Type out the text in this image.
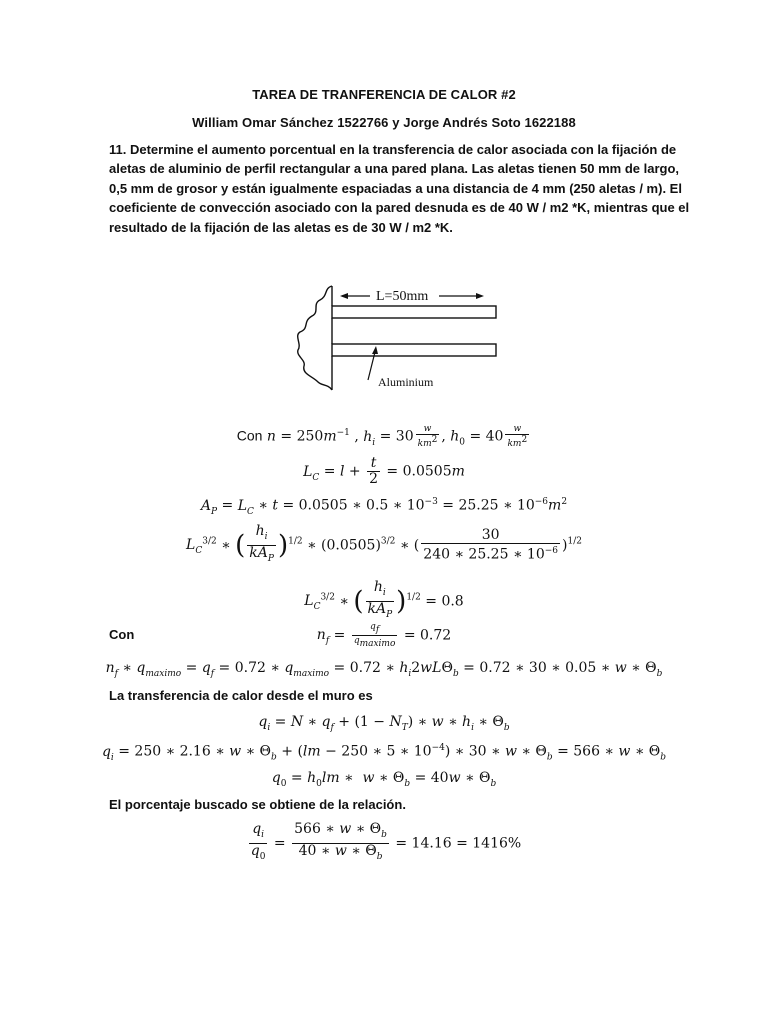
TAREA DE TRANFERENCIA DE CALOR #2
William Omar Sánchez 1522766 y Jorge Andrés Soto 1622188
11. Determine el aumento porcentual en la transferencia de calor asociada con la fijación de
aletas de aluminio de perfil rectangular a una pared plana. Las aletas tienen 50 mm de largo,
0,5 mm de grosor y están igualmente espaciadas a una distancia de 4 mm (250 aletas / m). El
coeficiente de convección asociado con la pared desnuda es de 40 W / m2 *K, mientras que el
resultado de la fijación de las aletas es de 30 W / m2 *K.
L=50mm
Aluminium
Con $n = 250m^{-1}$ , $h_i = 30 \frac{w}{km^2}$ , $h_0 = 40 \frac{w}{km^2}$
$L_C = l + \frac{t}{2} = 0.0505m$
$A_P = L_C$ ∗ t = 0.0505 ∗ 0.5 ∗ $10^{-3} = 25.25$ ∗ $10^{-6}m^2$
$L_C^{3/2}$ ∗ ( $\frac{h_i}{kA_P} )^{1/2}$ ∗ $(0.0505)^{3/2}$ ∗ ( $\frac{30}{240 ∗ 25.25 ∗ 10^{-6}} )^{1/2}$
$L_C^{3/2}$ ∗ ( $\frac{h_i}{kA_P} )^{1/2} = 0.8$
Con	$n_f = \frac{q_f}{q_{maximo}} = 0.72$
$n_f$ ∗ $q_{maximo} = q_f = 0.72$ ∗ $q_{maximo} = 0.72$ ∗ $h_i2wL\Theta_b = 0.72$ ∗ 30 ∗ 0.05 ∗ w ∗ $\Theta_b$
La transferencia de calor desde el muro es
$q_i = N$ ∗ $q_f + (1 - N_T)$ ∗ w ∗ $h_i$ ∗ $\Theta_b$
$q_i = 250$ ∗ 2.16 ∗ w ∗ $\Theta_b + (lm - 250$ ∗ 5 ∗ $10^{-4}$) ∗ 30 ∗ w ∗ $\Theta_b = 566$ ∗ w ∗ $\Theta_b$
$q_0 = h_0lm$ ∗  w ∗ $\Theta_b = 40w$ ∗ $\Theta_b$
El porcentaje buscado se obtiene de la relación.
$\frac{q_i}{q_0} = \frac{566 ∗ w ∗ \Theta_b}{40 ∗ w ∗ \Theta_b} = 14.16 = 1416\%$
